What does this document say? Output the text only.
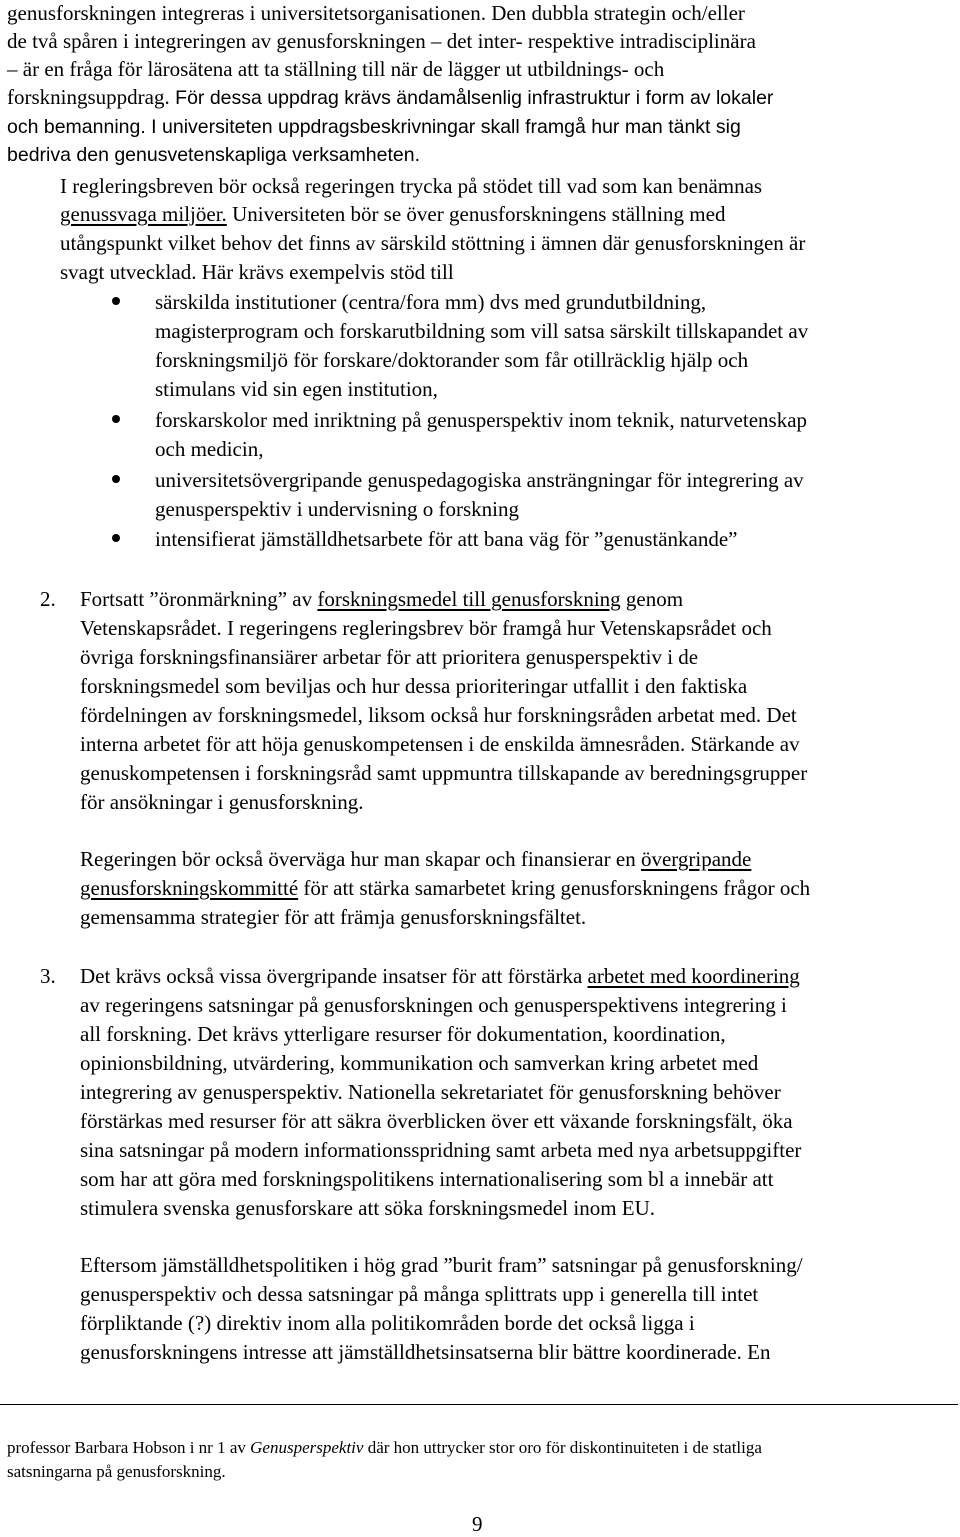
genusforskningen integreras i universitetsorganisationen. Den dubbla strategin och/eller

de två spåren i integreringen av genusforskningen – det inter- respektive intradisciplinära

– är en fråga för lärosätena att ta ställning till när de lägger ut utbildnings- och

forskningsuppdrag. För dessa uppdrag krävs ändamålsenlig infrastruktur i form av lokaler

och bemanning. I universiteten uppdragsbeskrivningar skall framgå hur man tänkt sig

bedriva den genusvetenskapliga verksamheten.

I regleringsbreven bör också regeringen trycka på stödet till vad som kan benämnas

genussvaga miljöer. Universiteten bör se över genusforskningens ställning med

utångspunkt vilket behov det finns av särskild stöttning i ämnen där genusforskningen är

svagt utvecklad. Här krävs exempelvis stöd till

särskilda institutioner (centra/fora mm) dvs med grundutbildning,

magisterprogram och forskarutbildning som vill satsa särskilt tillskapandet av

forskningsmiljö för forskare/doktorander som får otillräcklig hjälp och

stimulans vid sin egen institution,

forskarskolor med inriktning på genusperspektiv inom teknik, naturvetenskap

och medicin,

universitetsövergripande genuspedagogiska ansträngningar för integrering av

genusperspektiv i undervisning o forskning

intensifierat jämställdhetsarbete för att bana väg för ”genustänkande”

2. Fortsatt ”öronmärkning” av forskningsmedel till genusforskning genom

Vetenskapsrådet. I regeringens regleringsbrev bör framgå hur Vetenskapsrådet och

övriga forskningsfinansiärer arbetar för att prioritera genusperspektiv i de

forskningsmedel som beviljas och hur dessa prioriteringar utfallit i den faktiska

fördelningen av forskningsmedel, liksom också hur forskningsråden arbetat med. Det

interna arbetet för att höja genuskompetensen i de enskilda ämnesråden. Stärkande av

genuskompetensen i forskningsråd samt uppmuntra tillskapande av beredningsgrupper

för ansökningar i genusforskning.

Regeringen bör också överväga hur man skapar och finansierar en övergripande

genusforskningskommitté för att stärka samarbetet kring genusforskningens frågor och

gemensamma strategier för att främja genusforskningsfältet.

3. Det krävs också vissa övergripande insatser för att förstärka arbetet med koordinering

av regeringens satsningar på genusforskningen och genusperspektivens integrering i

all forskning. Det krävs ytterligare resurser för dokumentation, koordination,

opinionsbildning, utvärdering, kommunikation och samverkan kring arbetet med

integrering av genusperspektiv. Nationella sekretariatet för genusforskning behöver

förstärkas med resurser för att säkra överblicken över ett växande forskningsfält, öka

sina satsningar på modern informationsspridning samt arbeta med nya arbetsuppgifter

som har att göra med forskningspolitikens internationalisering som bl a innebär att

stimulera svenska genusforskare att söka forskningsmedel inom EU.

Eftersom jämställdhetspolitiken i hög grad ”burit fram” satsningar på genusforskning/

genusperspektiv och dessa satsningar på många splittrats upp i generella till intet

förpliktande (?) direktiv inom alla politikområden borde det också ligga i

genusforskningens intresse att jämställdhetsinsatserna blir bättre koordinerade. En

professor Barbara Hobson i nr 1 av Genusperspektiv där hon uttrycker stor oro för diskontinuiteten i de statliga

satsningarna på genusforskning.

9
